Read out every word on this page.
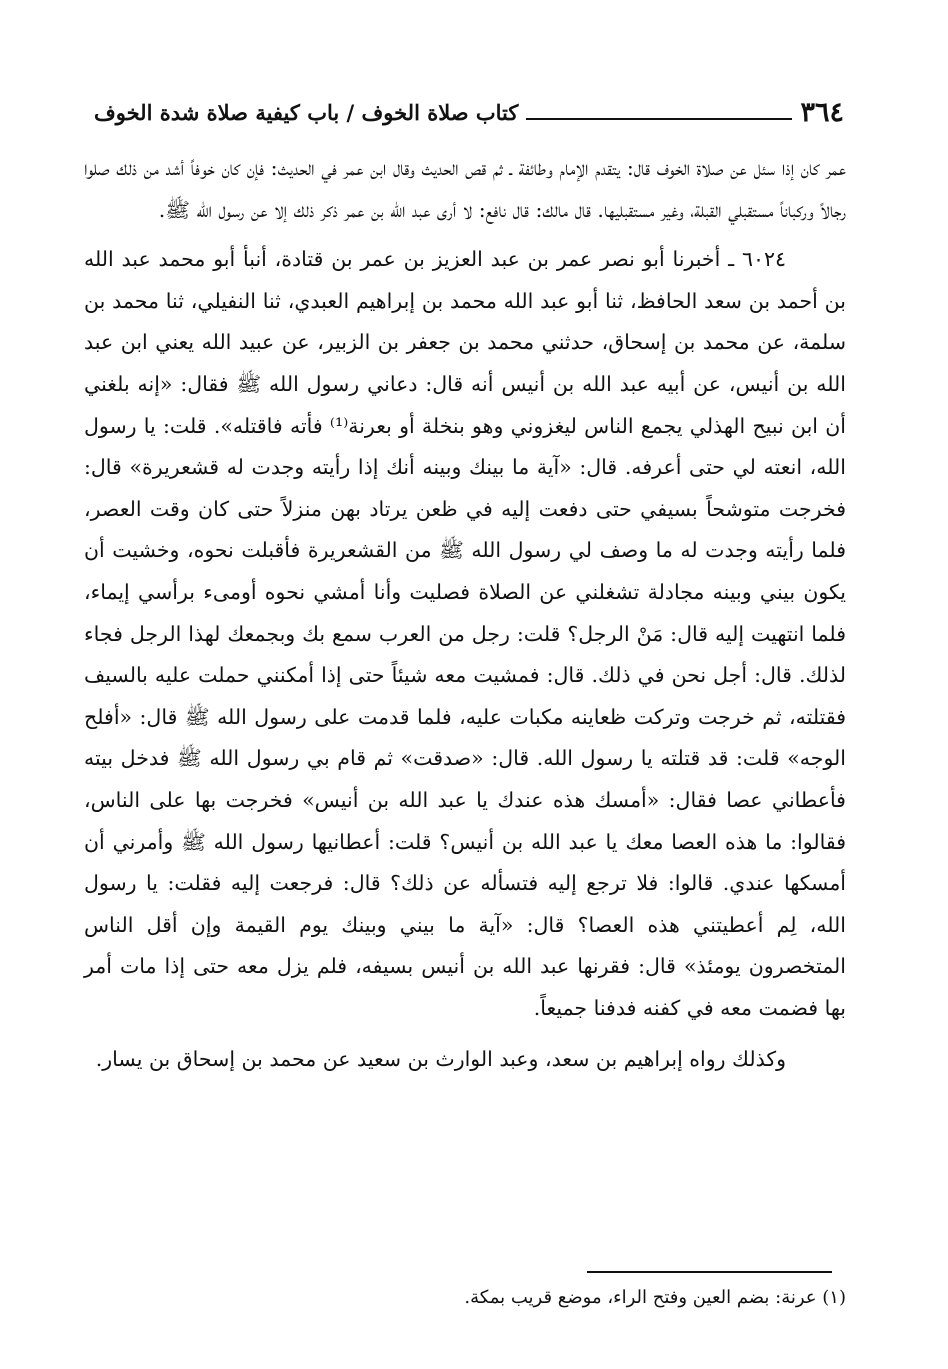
٣٦٤
كتاب صلاة الخوف / باب كيفية صلاة شدة الخوف

عمر كان إذا سئل عن صلاة الخوف قال: يتقدم الإمام وطائفة ـ ثم قص الحديث وقال ابن عمر في الحديث: فإن كان خوفاً أشد من ذلك صلوا رجالاً وركباناً مستقبلي القبلة، وغير مستقبليها. قال مالك: قال نافع: لا أرى عبد الله بن عمر ذكر ذلك إلا عن رسول الله ﷺ.

٦٠٢٤ ـ أخبرنا أبو نصر عمر بن عبد العزيز بن عمر بن قتادة، أنبأ أبو محمد عبد الله بن أحمد بن سعد الحافظ، ثنا أبو عبد الله محمد بن إبراهيم العبدي، ثنا النفيلي، ثنا محمد بن سلمة، عن محمد بن إسحاق، حدثني محمد بن جعفر بن الزبير، عن عبيد الله يعني ابن عبد الله بن أنيس، عن أبيه عبد الله بن أنيس أنه قال: دعاني رسول الله ﷺ فقال: «إنه بلغني أن ابن نبيح الهذلي يجمع الناس ليغزوني وهو بنخلة أو بعرنة⁽¹⁾ فأته فاقتله». قلت: يا رسول الله، انعته لي حتى أعرفه. قال: «آية ما بينك وبينه أنك إذا رأيته وجدت له قشعريرة» قال: فخرجت متوشحاً بسيفي حتى دفعت إليه في ظعن يرتاد بهن منزلاً حتى كان وقت العصر، فلما رأيته وجدت له ما وصف لي رسول الله ﷺ من القشعريرة فأقبلت نحوه، وخشيت أن يكون بيني وبينه مجادلة تشغلني عن الصلاة فصليت وأنا أمشي نحوه أومىء برأسي إيماء، فلما انتهيت إليه قال: مَنْ الرجل؟ قلت: رجل من العرب سمع بك وبجمعك لهذا الرجل فجاء لذلك. قال: أجل نحن في ذلك. قال: فمشيت معه شيئاً حتى إذا أمكنني حملت عليه بالسيف فقتلته، ثم خرجت وتركت ظعاينه مكبات عليه، فلما قدمت على رسول الله ﷺ قال: «أفلح الوجه» قلت: قد قتلته يا رسول الله. قال: «صدقت» ثم قام بي رسول الله ﷺ فدخل بيته فأعطاني عصا فقال: «أمسك هذه عندك يا عبد الله بن أنيس» فخرجت بها على الناس، فقالوا: ما هذه العصا معك يا عبد الله بن أنيس؟ قلت: أعطانيها رسول الله ﷺ وأمرني أن أمسكها عندي. قالوا: فلا ترجع إليه فتسأله عن ذلك؟ قال: فرجعت إليه فقلت: يا رسول الله، لِم أعطيتني هذه العصا؟ قال: «آية ما بيني وبينك يوم القيمة وإن أقل الناس المتخصرون يومئذ» قال: فقرنها عبد الله بن أنيس بسيفه، فلم يزل معه حتى إذا مات أمر بها فضمت معه في كفنه فدفنا جميعاً.

وكذلك رواه إبراهيم بن سعد، وعبد الوارث بن سعيد عن محمد بن إسحاق بن يسار.

(١) عرنة: بضم العين وفتح الراء، موضع قريب بمكة.
